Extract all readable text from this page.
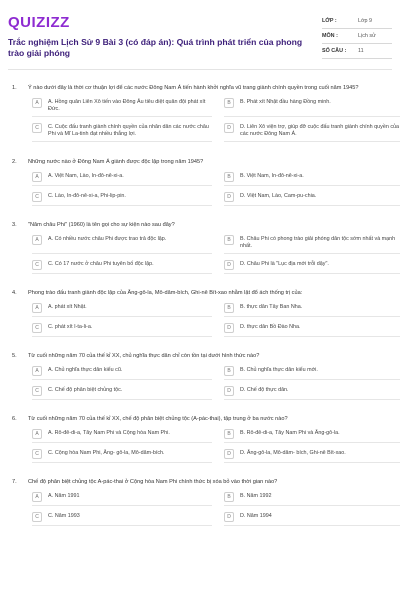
QUIZIZZ
Trắc nghiệm Lịch Sử 9 Bài 3 (có đáp án): Quá trình phát triển của phong trào giải phóng
LỚP :	Lớp 9
MÔN :	Lịch sử
SỐ CÂU :	11
1.	Ý nào dưới đây là thời cơ thuận lợi để các nước Đông Nam Á tiến hành khởi nghĩa vũ trang giành chính quyền trong cuối năm 1945?
A	A. Hồng quân Liên Xô tiến vào Đông Âu tiêu diệt quân đội phát xít Đức.
B	B. Phát xít Nhật đầu hàng Đồng minh.
C	C. Cuộc đấu tranh giành chính quyền của nhân dân các nước châu Phi và Mĩ La-tinh đạt nhiều thắng lợi.
D	D. Liên Xô viện trợ, giúp đỡ cuộc đấu tranh giành chính quyền của các nước Đông Nam Á.
2.	Những nước nào ở Đông Nam Á giành được độc lập trong năm 1945?
A	A. Việt Nam, Lào, In-đô-nê-xi-a.	B	B. Việt Nam, In-đô-nê-xi-a.
C	C. Lào, In-đô-nê-xi-a, Phi-lip-pin.	D	D. Việt Nam, Lào, Cam-pu-chia.
3.	"Năm châu Phi" (1960) là tên gọi cho sự kiện nào sau đây?
A	A. Có nhiều nước châu Phi được trao trả độc lập.	B	B. Châu Phi có phong trào giải phóng dân tộc sớm nhất và mạnh nhất.
C	C. Có 17 nước ở châu Phi tuyên bố độc lập.	D	D. Châu Phi là "Lục địa mới trỗi dậy".
4.	Phong trào đấu tranh giành độc lập của Ăng-gô-la, Mô-dăm-bích, Ghi-nê Bít-xao nhằm lật đổ ách thống trị của:
A	A. phát xít Nhật.	B	B. thực dân Tây Ban Nha.
C	C. phát xít I-ta-li-a.	D	D. thực dân Bồ Đào Nha.
5.	Từ cuối những năm 70 của thế kỉ XX, chủ nghĩa thực dân chỉ còn tồn tại dưới hình thức nào?
A	A. Chủ nghĩa thực dân kiểu cũ.	B	B. Chủ nghĩa thực dân kiểu mới.
C	C. Chế độ phân biệt chủng tộc.	D	D. Chế độ thực dân.
6.	Từ cuối những năm 70 của thế kỉ XX, chế độ phân biệt chủng tộc (A-pác-thai), tập trung ở ba nước nào?
A	A. Rô-đê-di-a, Tây Nam Phi và Cộng hòa Nam Phi.	B	B. Rô-đê-di-a, Tây Nam Phi và Ăng-gô-la.
C	C. Cộng hòa Nam Phi, Ăng- gô-la, Mô-dăm-bích.	D	D. Ăng-gô-la, Mô-dăm- bích, Ghi-nê Bít-xao.
7.	Chế độ phân biệt chủng tộc A-pác-thai ở Cộng hòa Nam Phi chính thức bị xóa bỏ vào thời gian nào?
A	A. Năm 1991	B	B. Năm 1992
C	C. Năm 1993	D	D. Năm 1994
